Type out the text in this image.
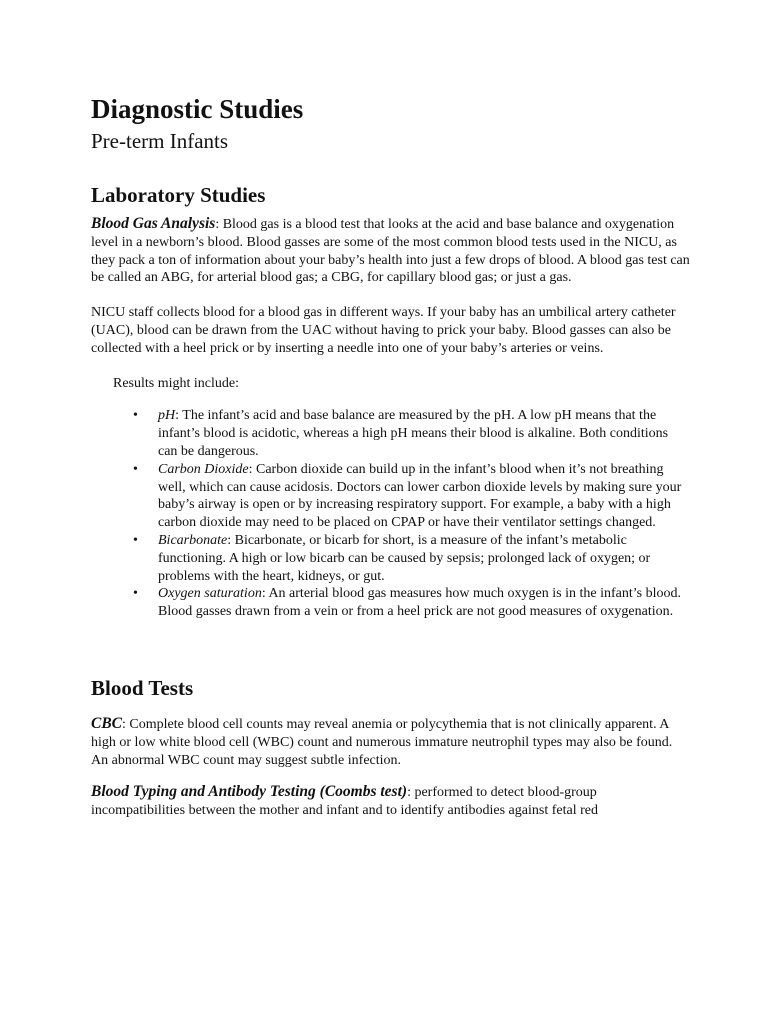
Diagnostic Studies
Pre-term Infants
Laboratory Studies

Blood Gas Analysis: Blood gas is a blood test that looks at the acid and base balance and oxygenation level in a newborn’s blood. Blood gasses are some of the most common blood tests used in the NICU, as they pack a ton of information about your baby’s health into just a few drops of blood. A blood gas test can be called an ABG, for arterial blood gas; a CBG, for capillary blood gas; or just a gas.

NICU staff collects blood for a blood gas in different ways. If your baby has an umbilical artery catheter (UAC), blood can be drawn from the UAC without having to prick your baby. Blood gasses can also be collected with a heel prick or by inserting a needle into one of your baby’s arteries or veins.

Results might include:

• pH: The infant’s acid and base balance are measured by the pH. A low pH means that the infant’s blood is acidotic, whereas a high pH means their blood is alkaline. Both conditions can be dangerous.
• Carbon Dioxide: Carbon dioxide can build up in the infant’s blood when it’s not breathing well, which can cause acidosis. Doctors can lower carbon dioxide levels by making sure your baby’s airway is open or by increasing respiratory support. For example, a baby with a high carbon dioxide may need to be placed on CPAP or have their ventilator settings changed.
• Bicarbonate: Bicarbonate, or bicarb for short, is a measure of the infant’s metabolic functioning. A high or low bicarb can be caused by sepsis; prolonged lack of oxygen; or problems with the heart, kidneys, or gut.
• Oxygen saturation: An arterial blood gas measures how much oxygen is in the infant’s blood. Blood gasses drawn from a vein or from a heel prick are not good measures of oxygenation.
Blood Tests

CBC: Complete blood cell counts may reveal anemia or polycythemia that is not clinically apparent. A high or low white blood cell (WBC) count and numerous immature neutrophil types may also be found. An abnormal WBC count may suggest subtle infection.

Blood Typing and Antibody Testing (Coombs test): performed to detect blood-group incompatibilities between the mother and infant and to identify antibodies against fetal red
